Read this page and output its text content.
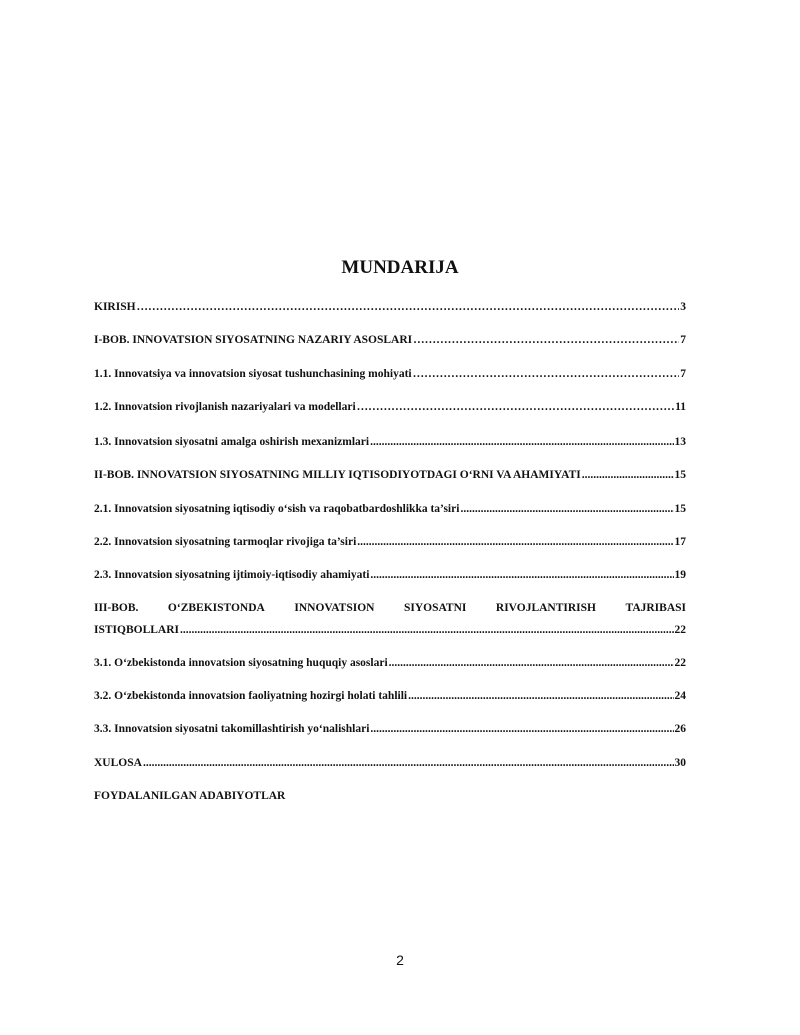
MUNDARIJA
KIRISH ……………………………………………………………………………………………………………………………………………………………………	3
I-BOB. INNOVATSION SIYOSATNING NAZARIY ASOSLARI ……………………………………………………………………………………………………………………………………………………………………	7
1.1. Innovatsiya va innovatsion siyosat tushunchasining mohiyati ……………………………………………………………………………………………………………………………………………………………………	7
1.2. Innovatsion rivojlanish nazariyalari va modellari ……………………………………………………………………………………………………………………………………………………………………	11
1.3. Innovatsion siyosatni amalga oshirish mexanizmlari .....	13
II-BOB. INNOVATSION SIYOSATNING MILLIY IQTISODIYOTDAGI O‘RNI VA AHAMIYATI .....	15
2.1. Innovatsion siyosatning iqtisodiy o‘sish va raqobatbardoshlikka ta’siri .....	15
2.2. Innovatsion siyosatning tarmoqlar rivojiga ta’siri .....	17
2.3. Innovatsion siyosatning ijtimoiy-iqtisodiy ahamiyati .....	19
III-BOB.	O‘ZBEKISTONDA	INNOVATSION	SIYOSATNI	RIVOJLANTIRISH	TAJRIBASI
ISTIQBOLLARI .....	22
3.1. O‘zbekistonda innovatsion siyosatning huquqiy asoslari .....	22
3.2. O‘zbekistonda innovatsion faoliyatning hozirgi holati tahlili .....	24
3.3. Innovatsion siyosatni takomillashtirish yo‘nalishlari .....	26
XULOSA .....	30
FOYDALANILGAN ADABIYOTLAR
2
